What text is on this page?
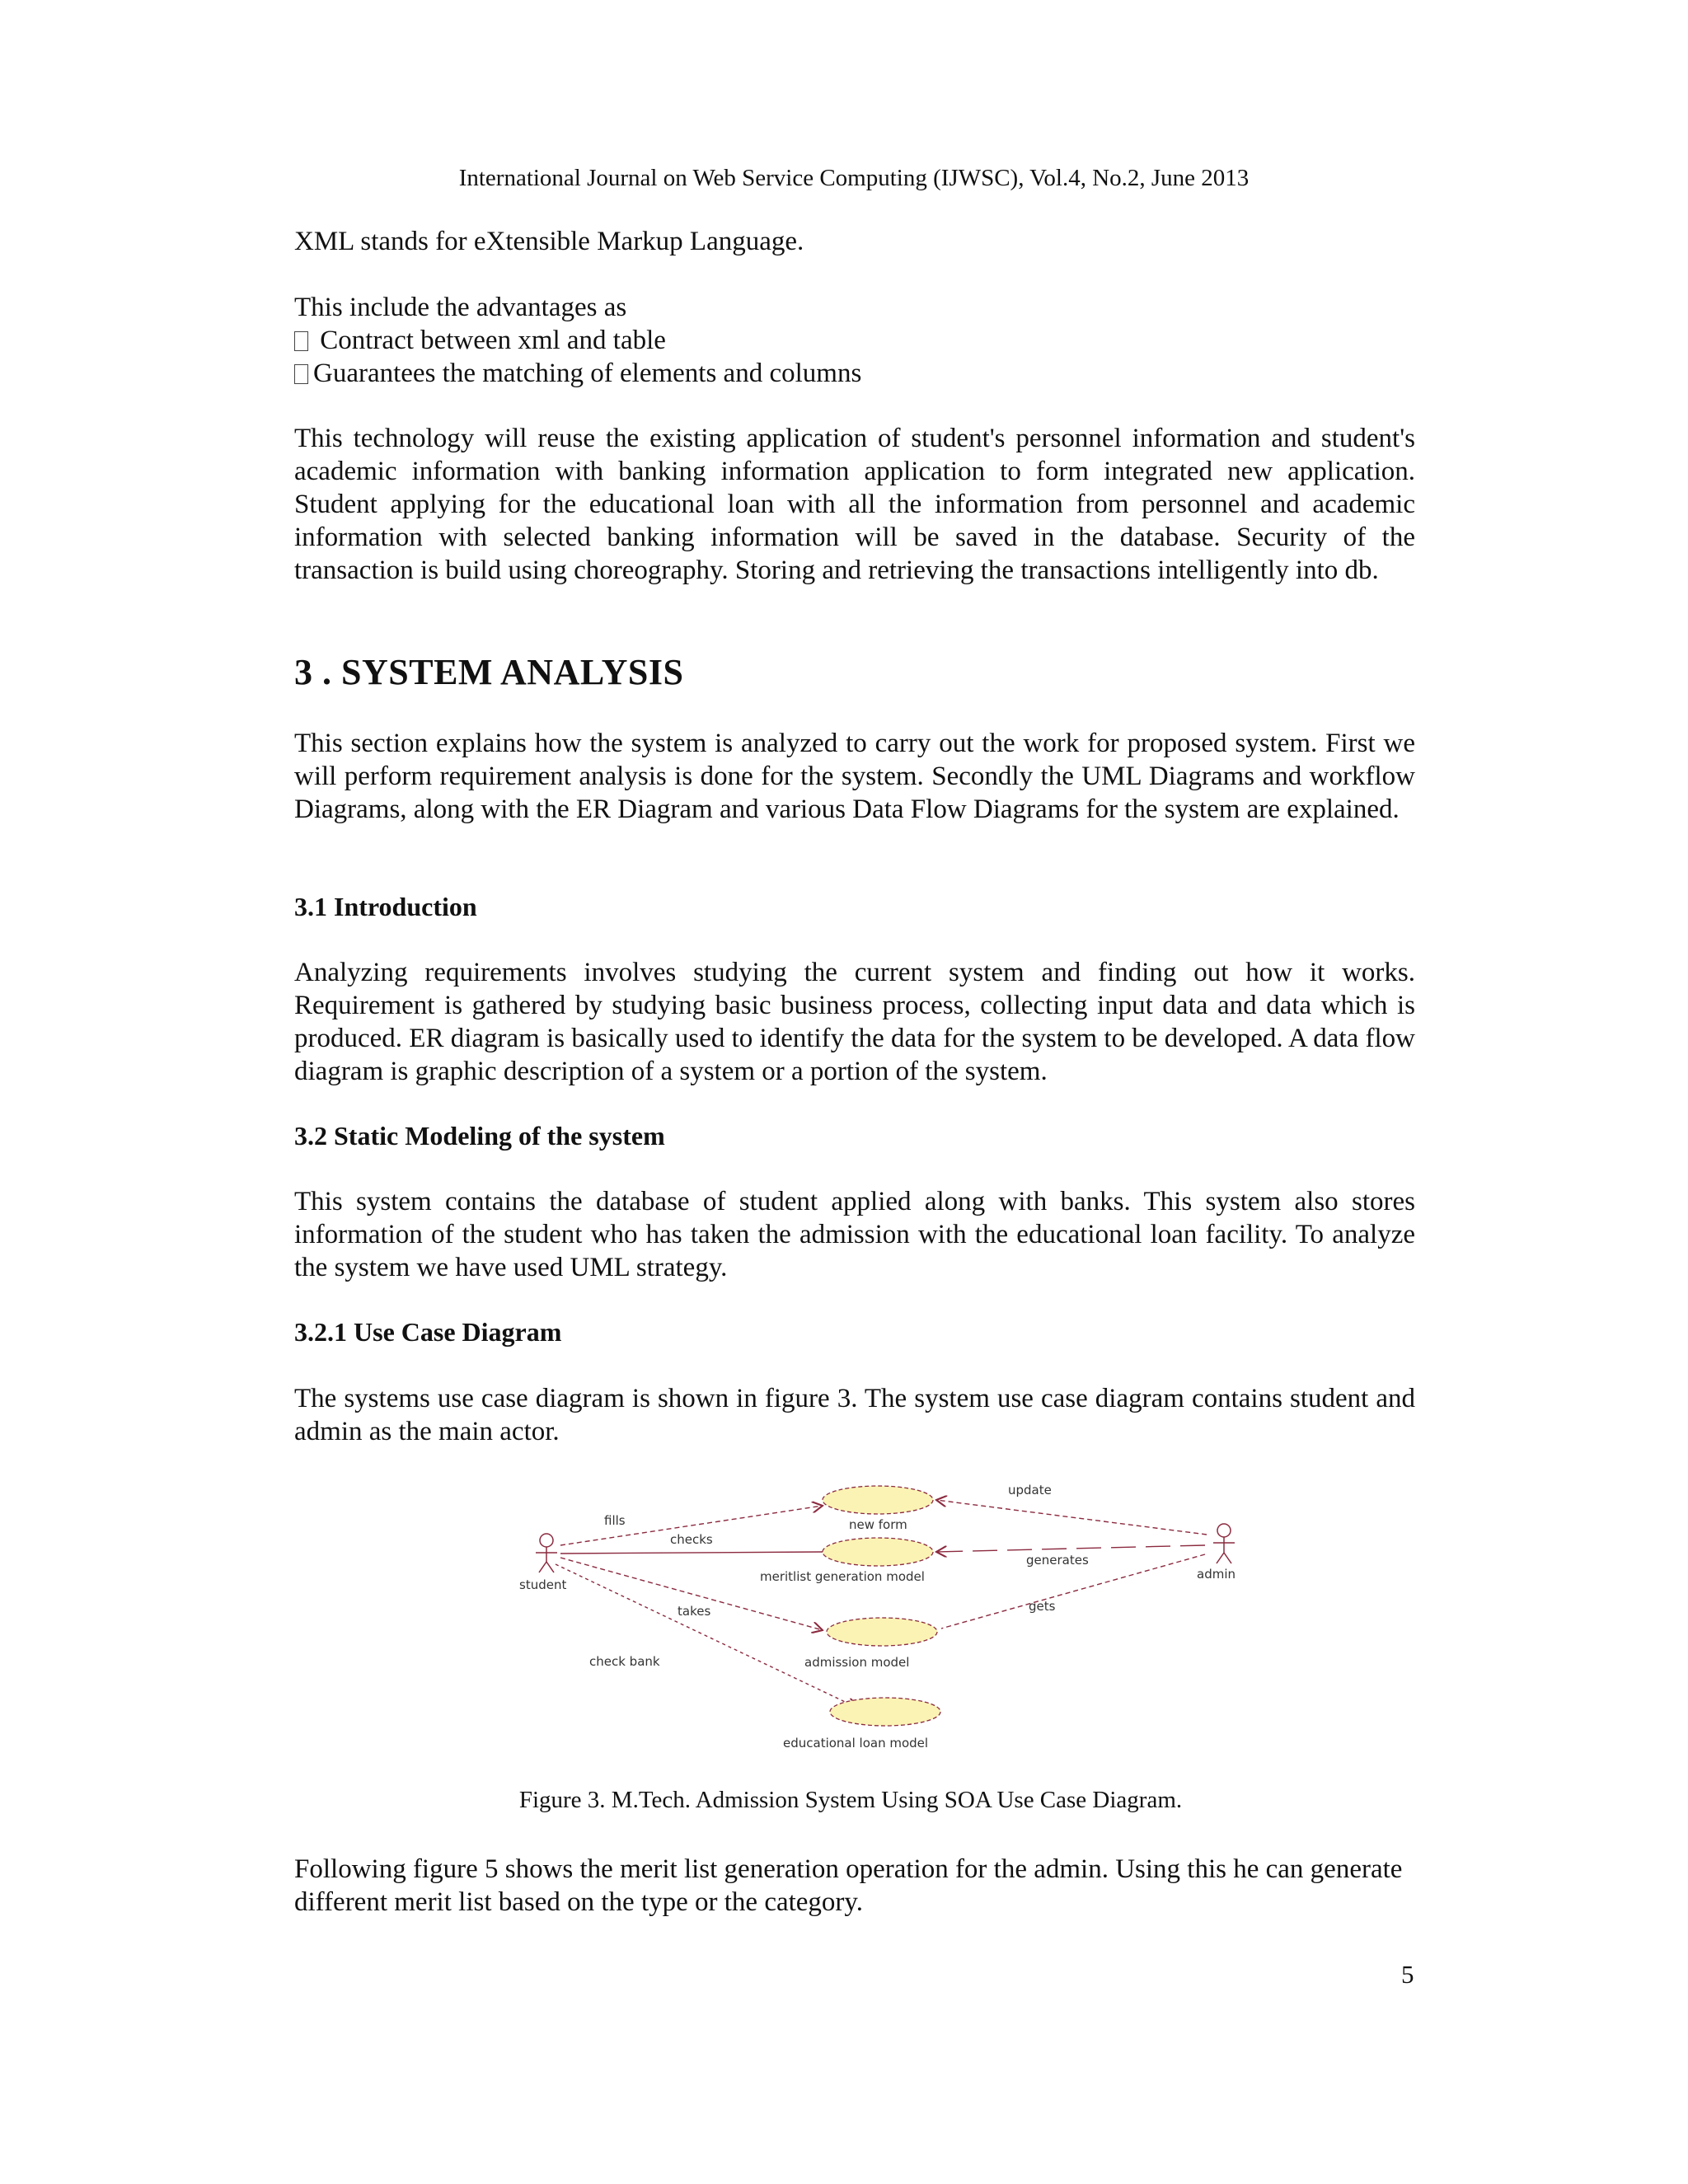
International Journal on Web Service Computing (IJWSC), Vol.4, No.2, June 2013
XML stands for eXtensible Markup Language.
This include the advantages as
Contract between xml and table
Guarantees the matching of elements and columns

This technology will reuse the existing application of student's personnel information and student's academic information with banking information application to form integrated new application. Student applying for the educational loan with all the information from personnel and academic information with selected banking information will be saved in the database. Security of the transaction is build using choreography. Storing and retrieving the transactions intelligently into db.

3 . SYSTEM ANALYSIS

This section explains how the system is analyzed to carry out the work for proposed system. First we will perform requirement analysis is done for the system. Secondly the UML Diagrams and workflow Diagrams, along with the ER Diagram and various Data Flow Diagrams for the system are explained.

3.1 Introduction

Analyzing requirements involves studying the current system and finding out how it works. Requirement is gathered by studying basic business process, collecting input data and data which is produced. ER diagram is basically used to identify the data for the system to be developed. A data flow diagram is graphic description of a system or a portion of the system.

3.2 Static Modeling of the system

This system contains the database of student applied along with banks. This system also stores information of the student who has taken the admission with the educational loan facility. To analyze the system we have used UML strategy.

3.2.1 Use Case Diagram

The systems use case diagram is shown in figure 3. The system use case diagram contains student and admin as the main actor.

student
admin
new form
meritlist generation model
admission model
educational loan model
fills
checks
takes
check bank
update
generates
gets
Figure 3. M.Tech. Admission System Using SOA Use Case Diagram.

Following figure 5 shows the merit list generation operation for the admin. Using this he can generate different merit list based on the type or the category.

5
